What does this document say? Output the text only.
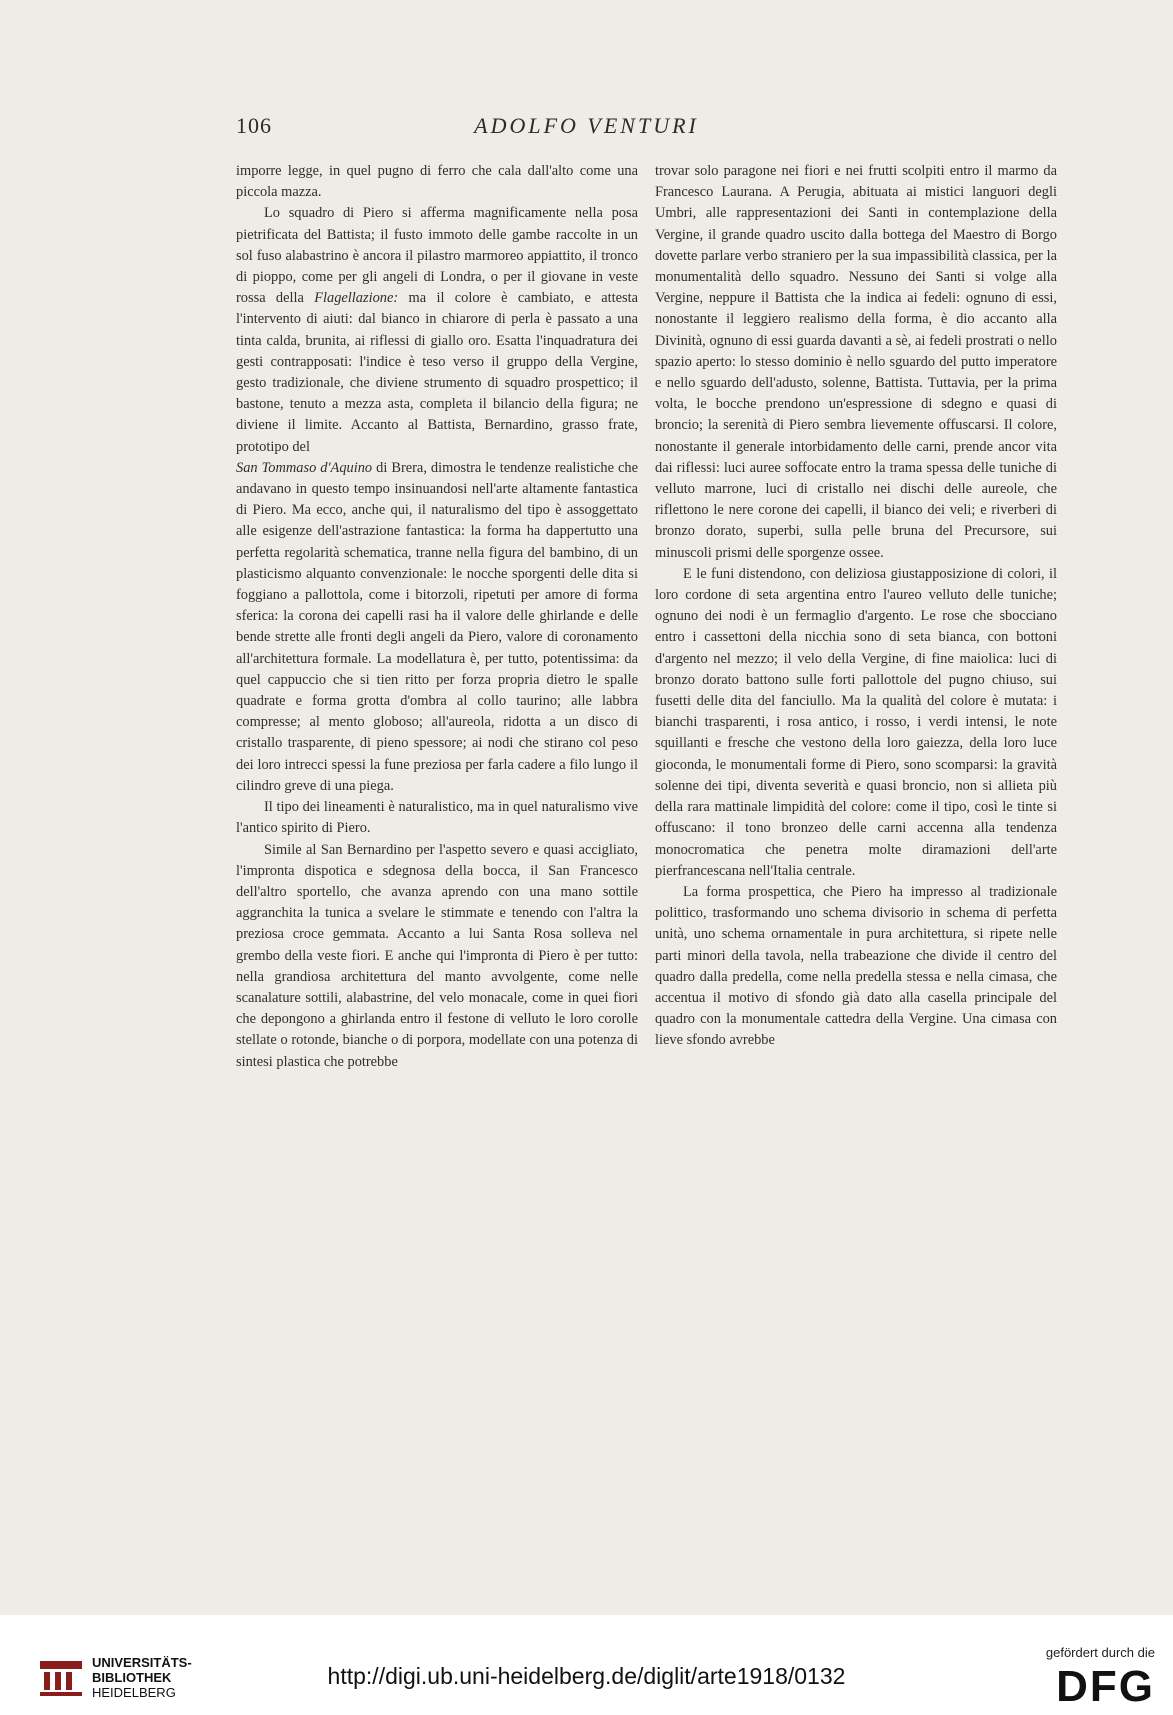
106	ADOLFO VENTURI

imporre legge, in quel pugno di ferro che cala dall'alto come una piccola mazza.

Lo squadro di Piero si afferma magnificamente nella posa pietrificata del Battista; il fusto immoto delle gambe raccolte in un sol fuso alabastrino è ancora il pilastro marmoreo appiattito, il tronco di pioppo, come per gli angeli di Londra, o per il giovane in veste rossa della Flagellazione: ma il colore è cambiato, e attesta l'intervento di aiuti: dal bianco in chiarore di perla è passato a una tinta calda, brunita, ai riflessi di giallo oro. Esatta l'inquadratura dei gesti contrapposati: l'indice è teso verso il gruppo della Vergine, gesto tradizionale, che diviene strumento di squadro prospettico; il bastone, tenuto a mezza asta, completa il bilancio della figura; ne diviene il limite. Accanto al Battista, Bernardino, grasso frate, prototipo del

San Tommaso d'Aquino di Brera, dimostra le tendenze realistiche che andavano in questo tempo insinuandosi nell'arte altamente fantastica di Piero. Ma ecco, anche qui, il naturalismo del tipo è assoggettato alle esigenze dell'astrazione fantastica: la forma ha dappertutto una perfetta regolarità schematica, tranne nella figura del bambino, di un plasticismo alquanto convenzionale: le nocche sporgenti delle dita si foggiano a pallottola, come i bitorzoli, ripetuti per amore di forma sferica: la corona dei capelli rasi ha il valore delle ghirlande e delle bende strette alle fronti degli angeli da Piero, valore di coronamento all'architettura formale. La modellatura è, per tutto, potentissima: da quel cappuccio che si tien ritto per forza propria dietro le spalle quadrate e forma grotta d'ombra al collo taurino; alle labbra compresse; al mento globoso; all'aureola, ridotta a un disco di cristallo trasparente, di pieno spessore; ai nodi che stirano col peso dei loro intrecci spessi la fune preziosa per farla cadere a filo lungo il cilindro greve di una piega.

Il tipo dei lineamenti è naturalistico, ma in quel naturalismo vive l'antico spirito di Piero.

Simile al San Bernardino per l'aspetto severo e quasi accigliato, l'impronta dispotica e sdegnosa della bocca, il San Francesco dell'altro sportello, che avanza aprendo con una mano sottile aggranchita la tunica a svelare le stimmate e tenendo con l'altra la preziosa croce gemmata. Accanto a lui Santa Rosa solleva nel grembo della veste fiori. E anche qui l'impronta di Piero è per tutto: nella grandiosa architettura del manto avvolgente, come nelle scanalature sottili, alabastrine, del velo monacale, come in quei fiori che depongono a ghirlanda entro il festone di velluto le loro corolle stellate o rotonde, bianche o di porpora, modellate con una potenza di sintesi plastica che potrebbe

trovar solo paragone nei fiori e nei frutti scolpiti entro il marmo da Francesco Laurana. A Perugia, abituata ai mistici languori degli Umbri, alle rappresentazioni dei Santi in contemplazione della Vergine, il grande quadro uscito dalla bottega del Maestro di Borgo dovette parlare verbo straniero per la sua impassibilità classica, per la monumentalità dello squadro. Nessuno dei Santi si volge alla Vergine, neppure il Battista che la indica ai fedeli: ognuno di essi, nonostante il leggiero realismo della forma, è dio accanto alla Divinità, ognuno di essi guarda davanti a sè, ai fedeli prostrati o nello spazio aperto: lo stesso dominio è nello sguardo del putto imperatore e nello sguardo dell'adusto, solenne, Battista. Tuttavia, per la prima volta, le bocche prendono un'espressione di sdegno e quasi di broncio; la serenità di Piero sembra lievemente offuscarsi. Il colore, nonostante il generale intorbidamento delle carni, prende ancor vita dai riflessi: luci auree soffocate entro la trama spessa delle tuniche di velluto marrone, luci di cristallo nei dischi delle aureole, che riflettono le nere corone dei capelli, il bianco dei veli; e riverberi di bronzo dorato, superbi, sulla pelle bruna del Precursore, sui minuscoli prismi delle sporgenze ossee.

E le funi distendono, con deliziosa giustapposizione di colori, il loro cordone di seta argentina entro l'aureo velluto delle tuniche; ognuno dei nodi è un fermaglio d'argento. Le rose che sbocciano entro i cassettoni della nicchia sono di seta bianca, con bottoni d'argento nel mezzo; il velo della Vergine, di fine maiolica: luci di bronzo dorato battono sulle forti pallottole del pugno chiuso, sui fusetti delle dita del fanciullo. Ma la qualità del colore è mutata: i bianchi trasparenti, i rosa antico, i rosso, i verdi intensi, le note squillanti e fresche che vestono della loro gaiezza, della loro luce gioconda, le monumentali forme di Piero, sono scomparsi: la gravità solenne dei tipi, diventa severità e quasi broncio, non si allieta più della rara mattinale limpidità del colore: come il tipo, così le tinte si offuscano: il tono bronzeo delle carni accenna alla tendenza monocromatica che penetra molte diramazioni dell'arte pierfrancescana nell'Italia centrale.

La forma prospettica, che Piero ha impresso al tradizionale polittico, trasformando uno schema divisorio in schema di perfetta unità, uno schema ornamentale in pura architettura, si ripete nelle parti minori della tavola, nella trabeazione che divide il centro del quadro dalla predella, come nella predella stessa e nella cimasa, che accentua il motivo di sfondo già dato alla casella principale del quadro con la monumentale cattedra della Vergine. Una cimasa con lieve sfondo avrebbe

UNIVERSITÄTS-
BIBLIOTHEK
HEIDELBERG
http://digi.ub.uni-heidelberg.de/diglit/arte1918/0132
gefördert durch die
DFG
